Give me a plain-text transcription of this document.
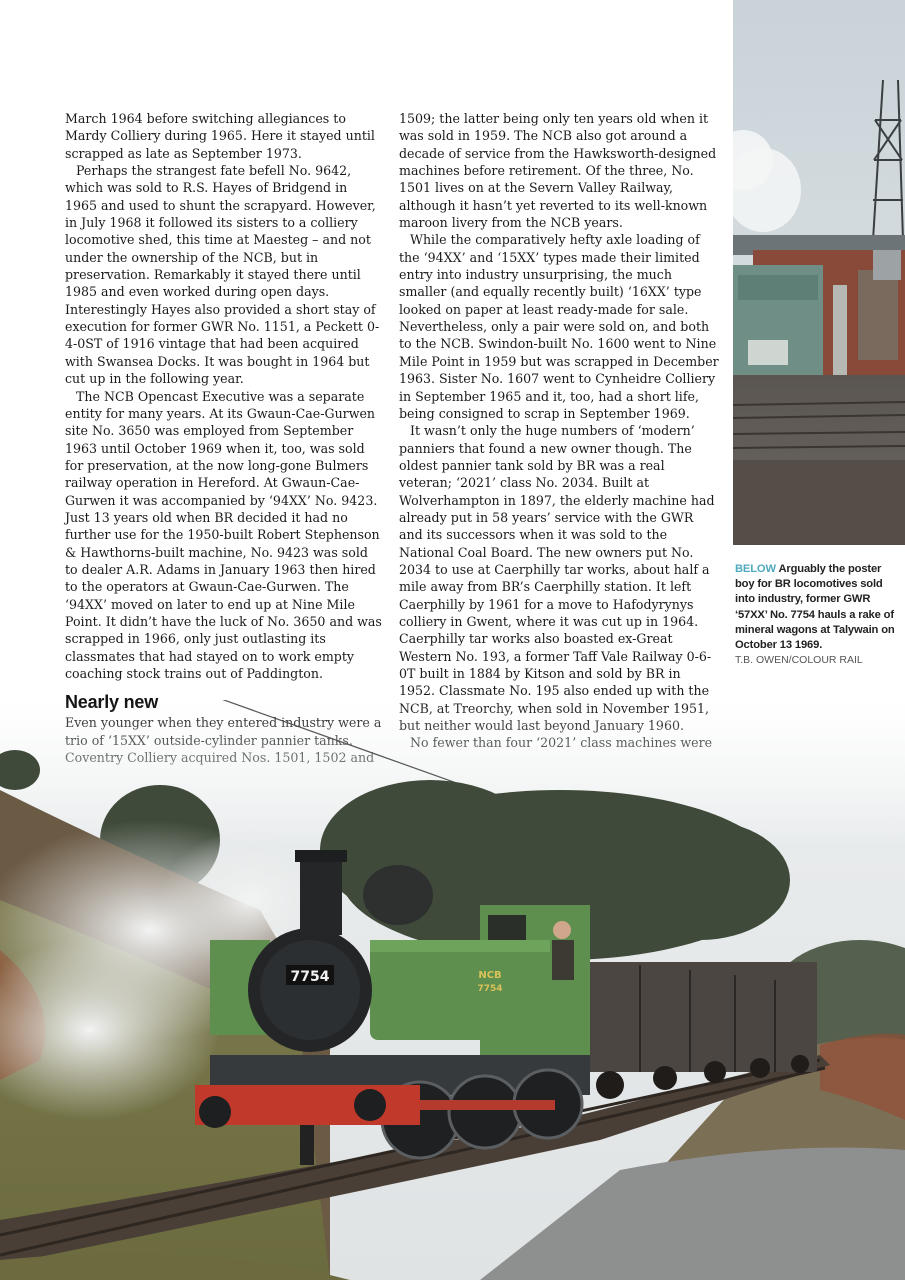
BELOW Arguably the poster boy for BR locomotives sold into industry, former GWR ‘57XX’ No. 7754 hauls a rake of mineral wagons at Talywain on October 13 1969.
T.B. OWEN/COLOUR RAIL

March 1964 before switching allegiances to Mardy Colliery during 1965. Here it stayed until scrapped as late as September 1973.

Perhaps the strangest fate befell No. 9642, which was sold to R.S. Hayes of Bridgend in 1965 and used to shunt the scrapyard. However, in July 1968 it followed its sisters to a colliery locomotive shed, this time at Maesteg – and not under the ownership of the NCB, but in preservation. Remarkably it stayed there until 1985 and even worked during open days. Interestingly Hayes also provided a short stay of execution for former GWR No. 1151, a Peckett 0-4-0ST of 1916 vintage that had been acquired with Swansea Docks. It was bought in 1964 but cut up in the following year.

The NCB Opencast Executive was a separate entity for many years. At its Gwaun-Cae-Gurwen site No. 3650 was employed from September 1963 until October 1969 when it, too, was sold for preservation, at the now long-gone Bulmers railway operation in Hereford. At Gwaun-Cae-Gurwen it was accompanied by ‘94XX’ No. 9423. Just 13 years old when BR decided it had no further use for the 1950-built Robert Stephenson & Hawthorns-built machine, No. 9423 was sold to dealer A.R. Adams in January 1963 then hired to the operators at Gwaun-Cae-Gurwen. The ‘94XX’ moved on later to end up at Nine Mile Point. It didn’t have the luck of No. 3650 and was scrapped in 1966, only just outlasting its classmates that had stayed on to work empty coaching stock trains out of Paddington.

1509; the latter being only ten years old when it was sold in 1959. The NCB also got around a decade of service from the Hawksworth-designed machines before retirement. Of the three, No. 1501 lives on at the Severn Valley Railway, although it hasn’t yet reverted to its well-known maroon livery from the NCB years.

While the comparatively hefty axle loading of the ‘94XX’ and ‘15XX’ types made their limited entry into industry unsurprising, the much smaller (and equally recently built) ‘16XX’ type looked on paper at least ready-made for sale. Nevertheless, only a pair were sold on, and both to the NCB. Swindon-built No. 1600 went to Nine Mile Point in 1959 but was scrapped in December 1963. Sister No. 1607 went to Cynheidre Colliery in September 1965 and it, too, had a short life, being consigned to scrap in September 1969.

It wasn’t only the huge numbers of ‘modern’ panniers that found a new owner though. The oldest pannier tank sold by BR was a real veteran; ‘2021’ class No. 2034. Built at Wolverhampton in 1897, the elderly machine had already put in 58 years’ service with the GWR and its successors when it was sold to the National Coal Board. The new owners put No. 2034 to use at Caerphilly tar works, about half a mile away from BR’s Caerphilly station. It left Caerphilly by 1961 for a move to Hafodyrynys colliery in Gwent, where it was cut up in 1964. Caerphilly tar works also boasted ex-Great Western No. 193, a former Taff Vale Railway 0-6-0T built in 1884 by Kitson and sold by BR in 1952. Classmate No. 195 also ended up with the

NCB
7754
7754
